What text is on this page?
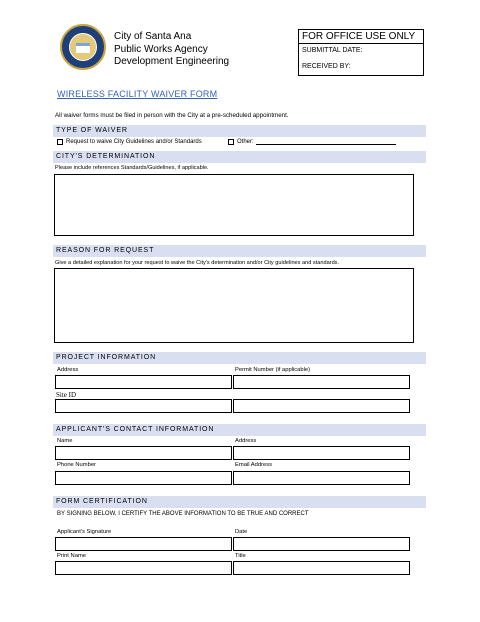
City of Santa Ana
Public Works Agency
Development Engineering
FOR OFFICE USE ONLY
SUBMITTAL DATE:
RECEIVED BY:
WIRELESS FACILITY WAIVER FORM
All waiver forms must be filed in person with the City at a pre-scheduled appointment.
TYPE OF WAIVER
Request to waive City Guidelines and/or Standards	Other:
CITY'S DETERMINATION
Please include references Standards/Guidelines, if applicable.
REASON FOR REQUEST
Give a detailed explanation for your request to waive the City's determination and/or City guidelines and standards.
PROJECT INFORMATION
Address	Permit Number (if applicable)
Site ID
APPLICANT'S CONTACT INFORMATION
Name	Address
Phone Number	Email Address
FORM CERTIFICATION
BY SIGNING BELOW, I CERTIFY THE ABOVE INFORMATION TO BE TRUE AND CORRECT
Applicant's Signature	Date
Print Name	Title
